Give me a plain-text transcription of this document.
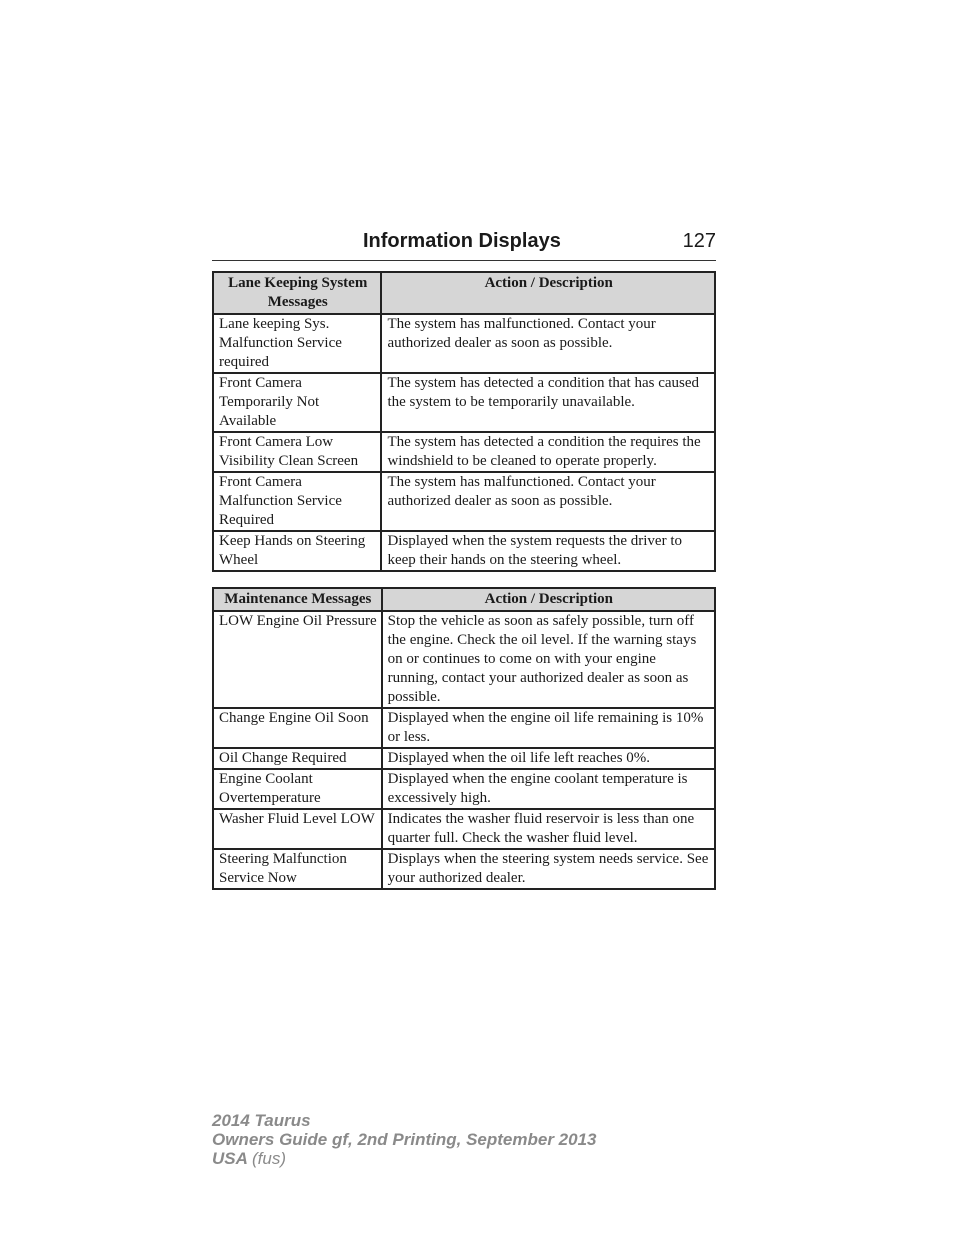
Information Displays	127
Lane Keeping System Messages	Action / Description
Lane keeping Sys. Malfunction Service required	The system has malfunctioned. Contact your authorized dealer as soon as possible.
Front Camera Temporarily Not Available	The system has detected a condition that has caused the system to be temporarily unavailable.
Front Camera Low Visibility Clean Screen	The system has detected a condition the requires the windshield to be cleaned to operate properly.
Front Camera Malfunction Service Required	The system has malfunctioned. Contact your authorized dealer as soon as possible.
Keep Hands on Steering Wheel	Displayed when the system requests the driver to keep their hands on the steering wheel.
Maintenance Messages	Action / Description
LOW Engine Oil Pressure	Stop the vehicle as soon as safely possible, turn off the engine. Check the oil level. If the warning stays on or continues to come on with your engine running, contact your authorized dealer as soon as possible.
Change Engine Oil Soon	Displayed when the engine oil life remaining is 10% or less.
Oil Change Required	Displayed when the oil life left reaches 0%.
Engine Coolant Overtemperature	Displayed when the engine coolant temperature is excessively high.
Washer Fluid Level LOW	Indicates the washer fluid reservoir is less than one quarter full. Check the washer fluid level.
Steering Malfunction Service Now	Displays when the steering system needs service. See your authorized dealer.
2014 Taurus
Owners Guide gf, 2nd Printing, September 2013
USA (fus)
